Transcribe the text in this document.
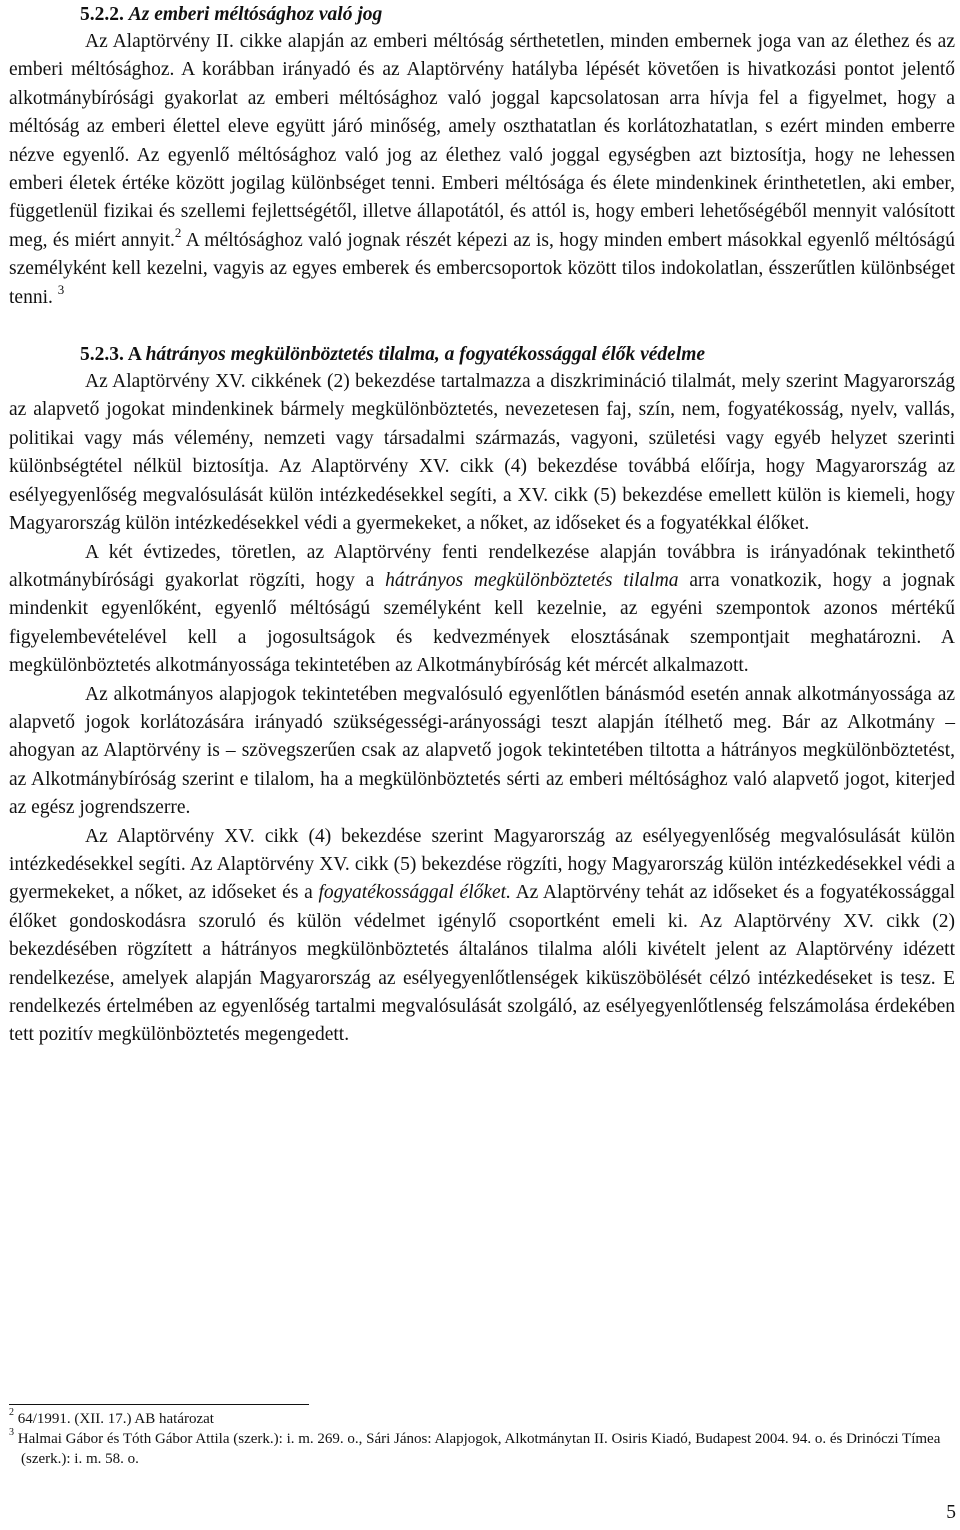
5.2.2. Az emberi méltósághoz való jog

Az Alaptörvény II. cikke alapján az emberi méltóság sérthetetlen, minden embernek joga van az élethez és az emberi méltósághoz. A korábban irányadó és az Alaptörvény hatályba lépését követően is hivatkozási pontot jelentő alkotmánybírósági gyakorlat az emberi méltósághoz való joggal kapcsolatosan arra hívja fel a figyelmet, hogy a méltóság az emberi élettel eleve együtt járó minőség, amely oszthatatlan és korlátozhatatlan, s ezért minden emberre nézve egyenlő. Az egyenlő méltósághoz való jog az élethez való joggal egységben azt biztosítja, hogy ne lehessen emberi életek értéke között jogilag különbséget tenni. Emberi méltósága és élete mindenkinek érinthetetlen, aki ember, függetlenül fizikai és szellemi fejlettségétől, illetve állapotától, és attól is, hogy emberi lehetőségéből mennyit valósított meg, és miért annyit.$^2$ A méltósághoz való jognak részét képezi az is, hogy minden embert másokkal egyenlő méltóságú személyként kell kezelni, vagyis az egyes emberek és embercsoportok között tilos indokolatlan, ésszerűtlen különbséget tenni. $^3$

5.2.3. A hátrányos megkülönböztetés tilalma, a fogyatékossággal élők védelme

Az Alaptörvény XV. cikkének (2) bekezdése tartalmazza a diszkrimináció tilalmát, mely szerint Magyarország az alapvető jogokat mindenkinek bármely megkülönböztetés, nevezetesen faj, szín, nem, fogyatékosság, nyelv, vallás, politikai vagy más vélemény, nemzeti vagy társadalmi származás, vagyoni, születési vagy egyéb helyzet szerinti különbségtétel nélkül biztosítja. Az Alaptörvény XV. cikk (4) bekezdése továbbá előírja, hogy Magyarország az esélyegyenlőség megvalósulását külön intézkedésekkel segíti, a XV. cikk (5) bekezdése emellett külön is kiemeli, hogy Magyarország külön intézkedésekkel védi a gyermekeket, a nőket, az időseket és a fogyatékkal élőket.

A két évtizedes, töretlen, az Alaptörvény fenti rendelkezése alapján továbbra is irányadónak tekinthető alkotmánybírósági gyakorlat rögzíti, hogy a hátrányos megkülönböztetés tilalma arra vonatkozik, hogy a jognak mindenkit egyenlőként, egyenlő méltóságú személyként kell kezelnie, az egyéni szempontok azonos mértékű figyelembevételével kell a jogosultságok és kedvezmények elosztásának szempontjait meghatározni. A megkülönböztetés alkotmányossága tekintetében az Alkotmánybíróság két mércét alkalmazott.

Az alkotmányos alapjogok tekintetében megvalósuló egyenlőtlen bánásmód esetén annak alkotmányossága az alapvető jogok korlátozására irányadó szükségességi-arányossági teszt alapján ítélhető meg. Bár az Alkotmány – ahogyan az Alaptörvény is – szövegszerűen csak az alapvető jogok tekintetében tiltotta a hátrányos megkülönböztetést, az Alkotmánybíróság szerint e tilalom, ha a megkülönböztetés sérti az emberi méltósághoz való alapvető jogot, kiterjed az egész jogrendszerre.

Az Alaptörvény XV. cikk (4) bekezdése szerint Magyarország az esélyegyenlőség megvalósulását külön intézkedésekkel segíti. Az Alaptörvény XV. cikk (5) bekezdése rögzíti, hogy Magyarország külön intézkedésekkel védi a gyermekeket, a nőket, az időseket és a fogyatékossággal élőket. Az Alaptörvény tehát az időseket és a fogyatékossággal élőket gondoskodásra szoruló és külön védelmet igénylő csoportként emeli ki. Az Alaptörvény XV. cikk (2) bekezdésében rögzített a hátrányos megkülönböztetés általános tilalma alóli kivételt jelent az Alaptörvény idézett rendelkezése, amelyek alapján Magyarország az esélyegyenlőtlenségek kiküszöbölését célzó intézkedéseket is tesz. E rendelkezés értelmében az egyenlőség tartalmi megvalósulását szolgáló, az esélyegyenlőtlenség felszámolása érdekében tett pozitív megkülönböztetés megengedett.

$^2$ 64/1991. (XII. 17.) AB határozat
$^3$ Halmai Gábor és Tóth Gábor Attila (szerk.): i. m. 269. o., Sári János: Alapjogok, Alkotmánytan II. Osiris Kiadó, Budapest 2004. 94. o. és Drinóczi Tímea (szerk.): i. m. 58. o.
5
